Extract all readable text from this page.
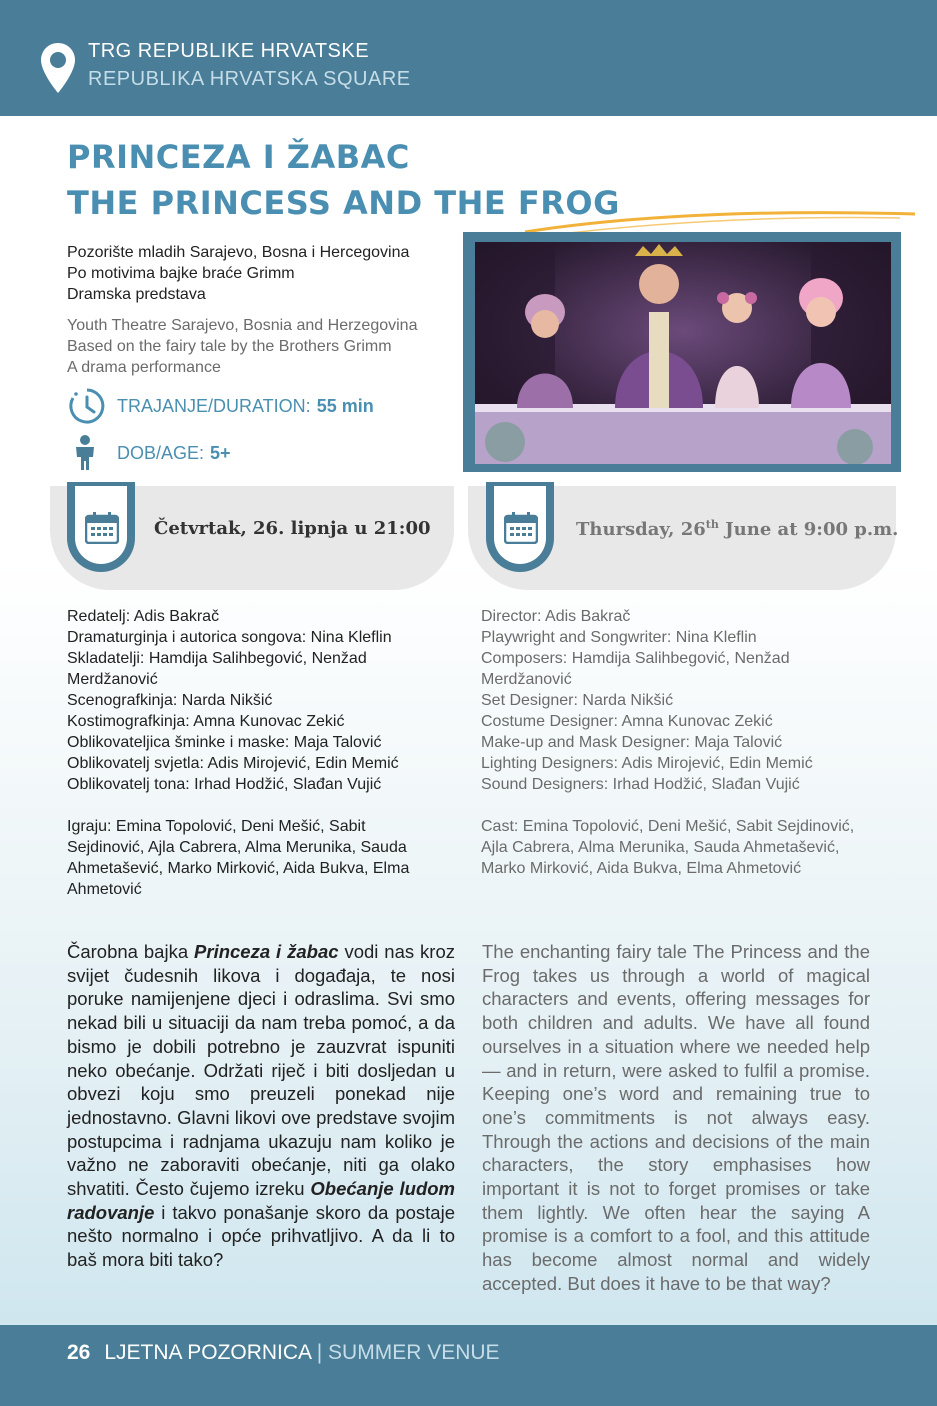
TRG REPUBLIKE HRVATSKE
REPUBLIKA HRVATSKA SQUARE
PRINCEZA I ŽABAC
THE PRINCESS AND THE FROG
Pozorište mladih Sarajevo, Bosna i Hercegovina
Po motivima bajke braće Grimm
Dramska predstava
Youth Theatre Sarajevo, Bosnia and Herzegovina
Based on the fairy tale by the Brothers Grimm
A drama performance
TRAJANJE/DURATION: 55 min
DOB/AGE: 5+
Četvrtak, 26. lipnja u 21:00	Thursday, 26th June at 9:00 p.m.

Redatelj: Adis Bakrač

Dramaturginja i autorica songova: Nina Kleflin

Skladatelji: Hamdija Salihbegović, Nenžad Merdžanović

Scenografkinja: Narda Nikšić

Kostimografkinja: Amna Kunovac Zekić

Oblikovateljica šminke i maske: Maja Talović

Oblikovatelj svjetla: Adis Mirojević, Edin Memić

Oblikovatelj tona: Irhad Hodžić, Slađan Vujić

Igraju: Emina Topolović, Deni Mešić, Sabit Sejdinović, Ajla Cabrera, Alma Merunika, Sauda Ahmetašević, Marko Mirković, Aida Bukva, Elma Ahmetović

Director: Adis Bakrač

Playwright and Songwriter: Nina Kleflin

Composers: Hamdija Salihbegović, Nenžad Merdžanović

Set Designer: Narda Nikšić

Costume Designer: Amna Kunovac Zekić

Make-up and Mask Designer: Maja Talović

Lighting Designers: Adis Mirojević, Edin Memić

Sound Designers: Irhad Hodžić, Slađan Vujić

Cast: Emina Topolović, Deni Mešić, Sabit Sejdinović, Ajla Cabrera, Alma Merunika, Sauda Ahmetašević, Marko Mirković, Aida Bukva, Elma Ahmetović

Čarobna bajka Princeza i žabac vodi nas kroz svijet čudesnih likova i događaja, te nosi poruke namijenjene djeci i odraslima. Svi smo nekad bili u situaciji da nam treba pomoć, a da bismo je dobili potrebno je zauzvrat ispuniti neko obećanje. Održati riječ i biti dosljedan u obvezi koju smo preuzeli ponekad nije jednostavno. Glavni likovi ove predstave svojim postupcima i radnjama ukazuju nam koliko je važno ne zaboraviti obećanje, niti ga olako shvatiti. Često čujemo izreku Obećanje ludom radovanje i takvo ponašanje skoro da postaje nešto normalno i opće prihvatljivo. A da li to baš mora biti tako?
The enchanting fairy tale The Princess and the Frog takes us through a world of magical characters and events, offering messages for both children and adults. We have all found ourselves in a situation where we needed help — and in return, were asked to fulfil a promise. Keeping one’s word and remaining true to one’s commitments is not always easy. Through the actions and decisions of the main characters, the story emphasises how important it is not to forget promises or take them lightly. We often hear the saying A promise is a comfort to a fool, and this attitude has become almost normal and widely accepted. But does it have to be that way?
26 LJETNA POZORNICA | SUMMER VENUE
